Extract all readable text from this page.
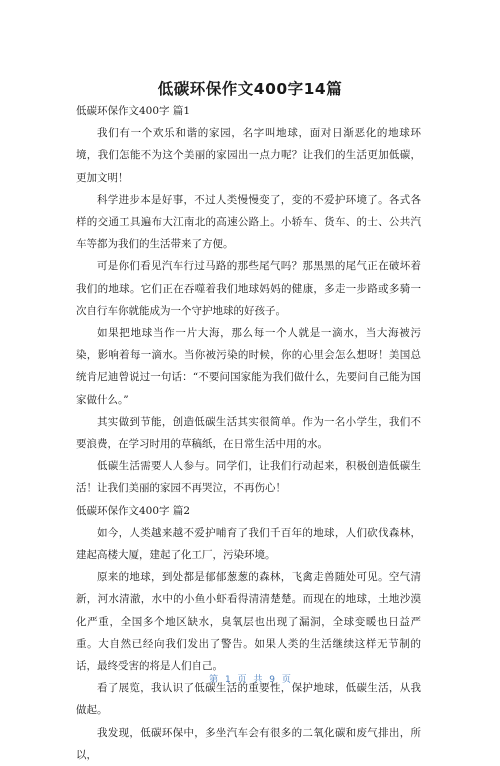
低碳环保作文400字14篇

低碳环保作文400字 篇1

我们有一个欢乐和谐的家园，名字叫地球，面对日渐恶化的地球环境，我们怎能不为这个美丽的家园出一点力呢？让我们的生活更加低碳，更加文明！

科学进步本是好事，不过人类慢慢变了，变的不爱护环境了。各式各样的交通工具遍布大江南北的高速公路上。小轿车、货车、的士、公共汽车等都为我们的生活带来了方便。

可是你们看见汽车行过马路的那些尾气吗？那黑黑的尾气正在破坏着我们的地球。它们正在吞噬着我们地球妈妈的健康，多走一步路或多骑一次自行车你就能成为一个守护地球的好孩子。

如果把地球当作一片大海，那么每一个人就是一滴水，当大海被污染，影响着每一滴水。当你被污染的时候，你的心里会怎么想呀！美国总统肯尼迪曾说过一句话：“不要问国家能为我们做什么，先要问自己能为国家做什么。”

其实做到节能，创造低碳生活其实很简单。作为一名小学生，我们不要浪费，在学习时用的草稿纸，在日常生活中用的水。

低碳生活需要人人参与。同学们，让我们行动起来，积极创造低碳生活！让我们美丽的家园不再哭泣，不再伤心！

低碳环保作文400字 篇2

如今，人类越来越不爱护哺育了我们千百年的地球，人们砍伐森林，建起高楼大厦，建起了化工厂，污染环境。

原来的地球，到处都是郁郁葱葱的森林，飞禽走兽随处可见。空气清新，河水清澈，水中的小鱼小虾看得清清楚楚。而现在的地球，土地沙漠化严重，全国多个地区缺水，臭氧层也出现了漏洞，全球变暖也日益严重。大自然已经向我们发出了警告。如果人类的生活继续这样无节制的话，最终受害的将是人们自己。

看了展览，我认识了低碳生活的重要性，保护地球，低碳生活，从我做起。

我发现，低碳环保中，多坐汽车会有很多的二氧化碳和废气排出，所以，

第 1 页 共 9 页
